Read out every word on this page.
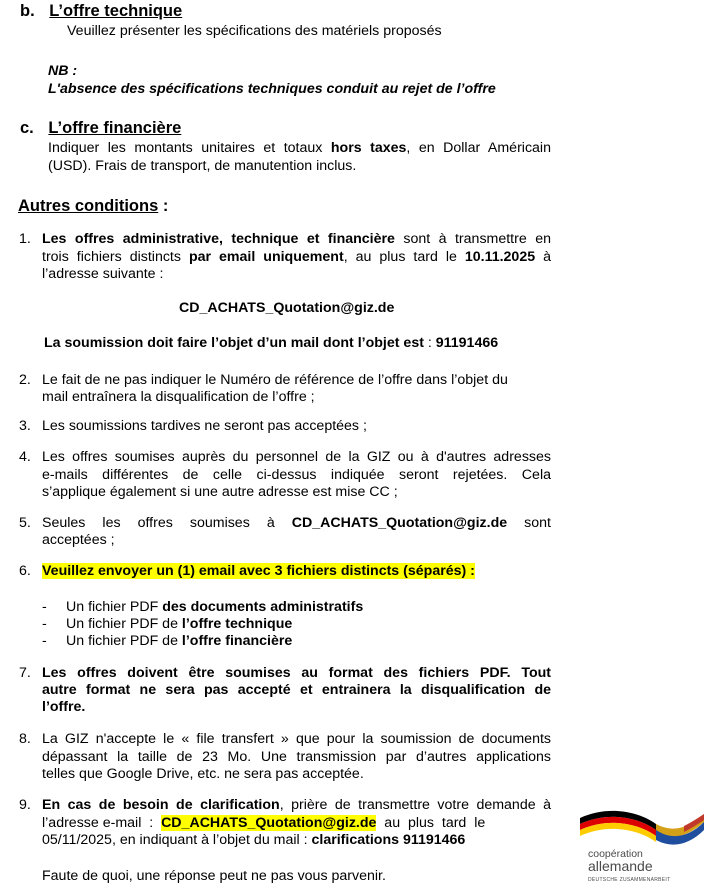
b. L’offre technique
Veuillez présenter les spécifications des matériels proposés
NB :
L'absence des spécifications techniques conduit au rejet de l’offre
c. L’offre financière
Indiquer les montants unitaires et totaux hors taxes, en Dollar Américain
(USD). Frais de transport, de manutention inclus.
Autres conditions :
1. Les offres administrative, technique et financière sont à transmettre en
trois fichiers distincts par email uniquement, au plus tard le 10.11.2025 à
l’adresse suivante :
CD_ACHATS_Quotation@giz.de
La soumission doit faire l’objet d’un mail dont l’objet est : 91191466
2. Le fait de ne pas indiquer le Numéro de référence de l’offre dans l’objet du
mail entraînera la disqualification de l’offre ;
3. Les soumissions tardives ne seront pas acceptées ;
4. Les offres soumises auprès du personnel de la GIZ ou à d'autres adresses
e-mails différentes de celle ci-dessus indiquée seront rejetées. Cela
s’applique également si une autre adresse est mise CC ;
5. Seules les offres soumises à CD_ACHATS_Quotation@giz.de sont
acceptées ;
6. Veuillez envoyer un (1) email avec 3 fichiers distincts (séparés) :
- Un fichier PDF des documents administratifs
- Un fichier PDF de l’offre technique
- Un fichier PDF de l’offre financière
7. Les offres doivent être soumises au format des fichiers PDF. Tout
autre format ne sera pas accepté et entrainera la disqualification de
l’offre.
8. La GIZ n'accepte le « file transfert » que pour la soumission de documents
dépassant la taille de 23 Mo. Une transmission par d’autres applications
telles que Google Drive, etc. ne sera pas acceptée.
9. En cas de besoin de clarification, prière de transmettre votre demande à
l’adresse e-mail  :  CD_ACHATS_Quotation@giz.de  au  plus  tard  le
05/11/2025, en indiquant à l’objet du mail : clarifications 91191466
Faute de quoi, une réponse peut ne pas vous parvenir.
coopération
allemande
DEUTSCHE ZUSAMMENARBEIT
